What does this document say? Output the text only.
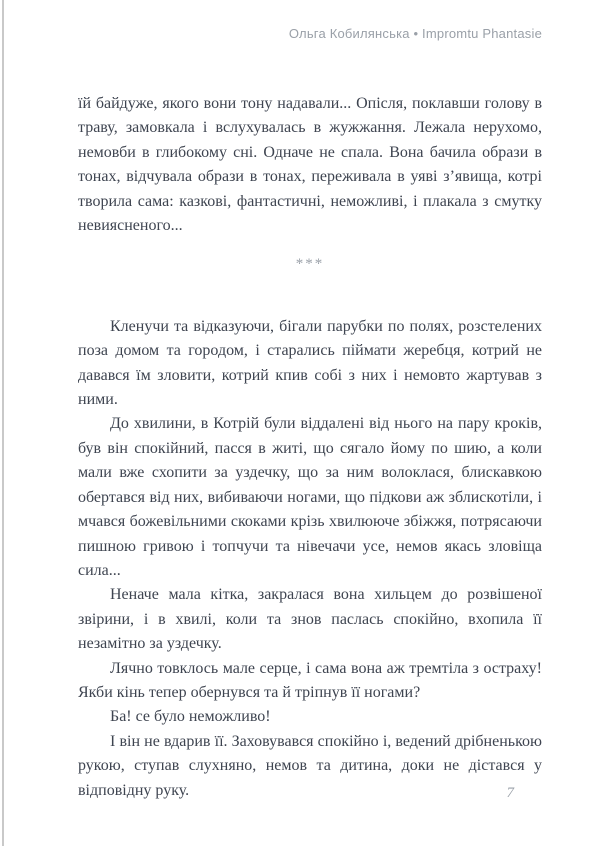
Ольга Кобилянська • Impromtu Phantasie

їй байдуже, якого вони тону надавали... Опісля, поклавши голову в траву, замовкала і вслухувалась в жужжання. Лежала нерухомо, немовби в глибокому сні. Одначе не спала. Вона бачила образи в тонах, відчувала образи в тонах, переживала в уяві з’явища, котрі творила сама: казкові, фантастичні, неможливі, і плакала з смутку невиясненого...

***

Кленучи та відказуючи, бігали парубки по полях, розстелених поза домом та городом, і старались піймати жеребця, котрий не давався їм зловити, котрий кпив собі з них і немовто жартував з ними.

До хвилини, в Котрій були віддалені від нього на пару кроків, був він спокійний, пасся в житі, що сягало йому по шию, а коли мали вже схопити за уздечку, що за ним волоклася, блискавкою обертався від них, вибиваючи ногами, що підкови аж зблискотіли, і мчався божевільними скоками крізь хвилююче збіжжя, потрясаючи пишною гривою і топчучи та нівечачи усе, немов якась зловіща сила...

Неначе мала кітка, закралася вона хильцем до розвішеної звірини, і в хвилі, коли та знов паслась спокійно, вхопила її незамітно за уздечку.

Лячно товклось мале серце, і сама вона аж тремтіла з остраху! Якби кінь тепер обернувся та й тріпнув її ногами?

Ба! се було неможливо!

І він не вдарив її. Заховувався спокійно і, ведений дрібненькою рукою, ступав слухняно, немов та дитина, доки не дістався у відповідну руку.	7
